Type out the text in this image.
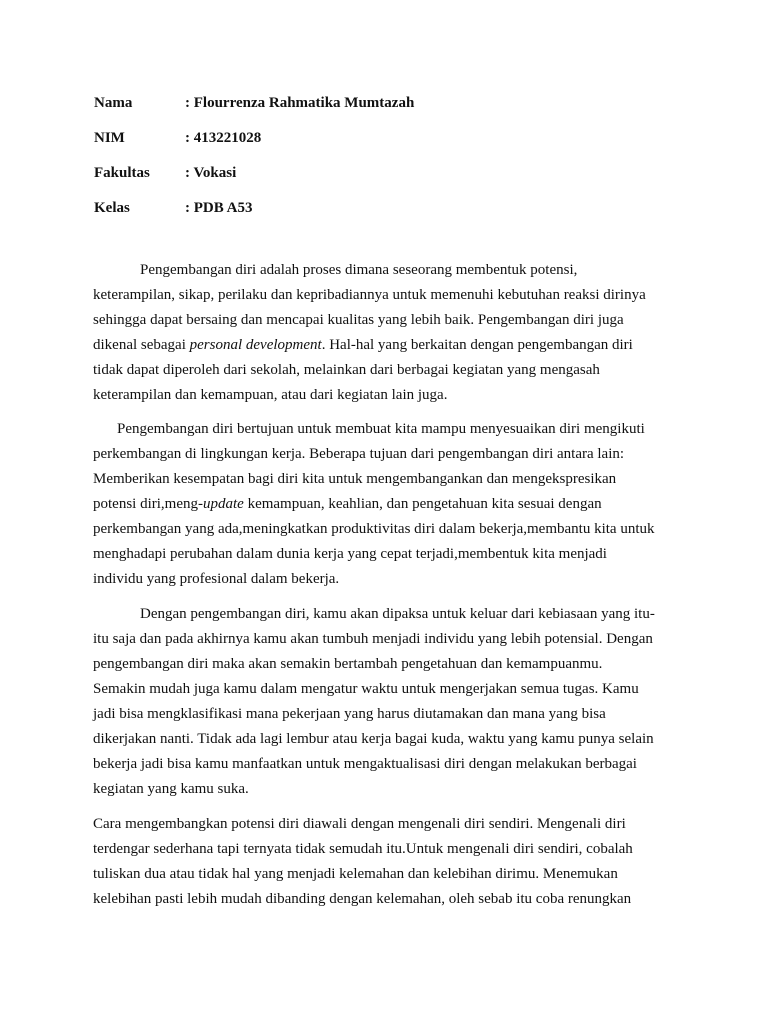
Nama	: Flourrenza Rahmatika Mumtazah
NIM	: 413221028
Fakultas	: Vokasi
Kelas	: PDB A53

Pengembangan diri adalah proses dimana seseorang membentuk potensi,
keterampilan, sikap, perilaku dan kepribadiannya untuk memenuhi kebutuhan reaksi dirinya
sehingga dapat bersaing dan mencapai kualitas yang lebih baik. Pengembangan diri juga
dikenal sebagai personal development. Hal-hal yang berkaitan dengan pengembangan diri
tidak dapat diperoleh dari sekolah, melainkan dari berbagai kegiatan yang mengasah
keterampilan dan kemampuan, atau dari kegiatan lain juga.

Pengembangan diri bertujuan untuk membuat kita mampu menyesuaikan diri mengikuti
perkembangan di lingkungan kerja. Beberapa tujuan dari pengembangan diri antara lain:
Memberikan kesempatan bagi diri kita untuk mengembangankan dan mengekspresikan
potensi diri,meng-update kemampuan, keahlian, dan pengetahuan kita sesuai dengan
perkembangan yang ada,meningkatkan produktivitas diri dalam bekerja,membantu kita untuk
menghadapi perubahan dalam dunia kerja yang cepat terjadi,membentuk kita menjadi
individu yang profesional dalam bekerja.

Dengan pengembangan diri, kamu akan dipaksa untuk keluar dari kebiasaan yang itu-
itu saja dan pada akhirnya kamu akan tumbuh menjadi individu yang lebih potensial. Dengan
pengembangan diri maka akan semakin bertambah pengetahuan dan kemampuanmu.
Semakin mudah juga kamu dalam mengatur waktu untuk mengerjakan semua tugas. Kamu
jadi bisa mengklasifikasi mana pekerjaan yang harus diutamakan dan mana yang bisa
dikerjakan nanti. Tidak ada lagi lembur atau kerja bagai kuda, waktu yang kamu punya selain
bekerja jadi bisa kamu manfaatkan untuk mengaktualisasi diri dengan melakukan berbagai
kegiatan yang kamu suka.

Cara mengembangkan potensi diri diawali dengan mengenali diri sendiri. Mengenali diri
terdengar sederhana tapi ternyata tidak semudah itu.Untuk mengenali diri sendiri, cobalah
tuliskan dua atau tidak hal yang menjadi kelemahan dan kelebihan dirimu. Menemukan
kelebihan pasti lebih mudah dibanding dengan kelemahan, oleh sebab itu coba renungkan
